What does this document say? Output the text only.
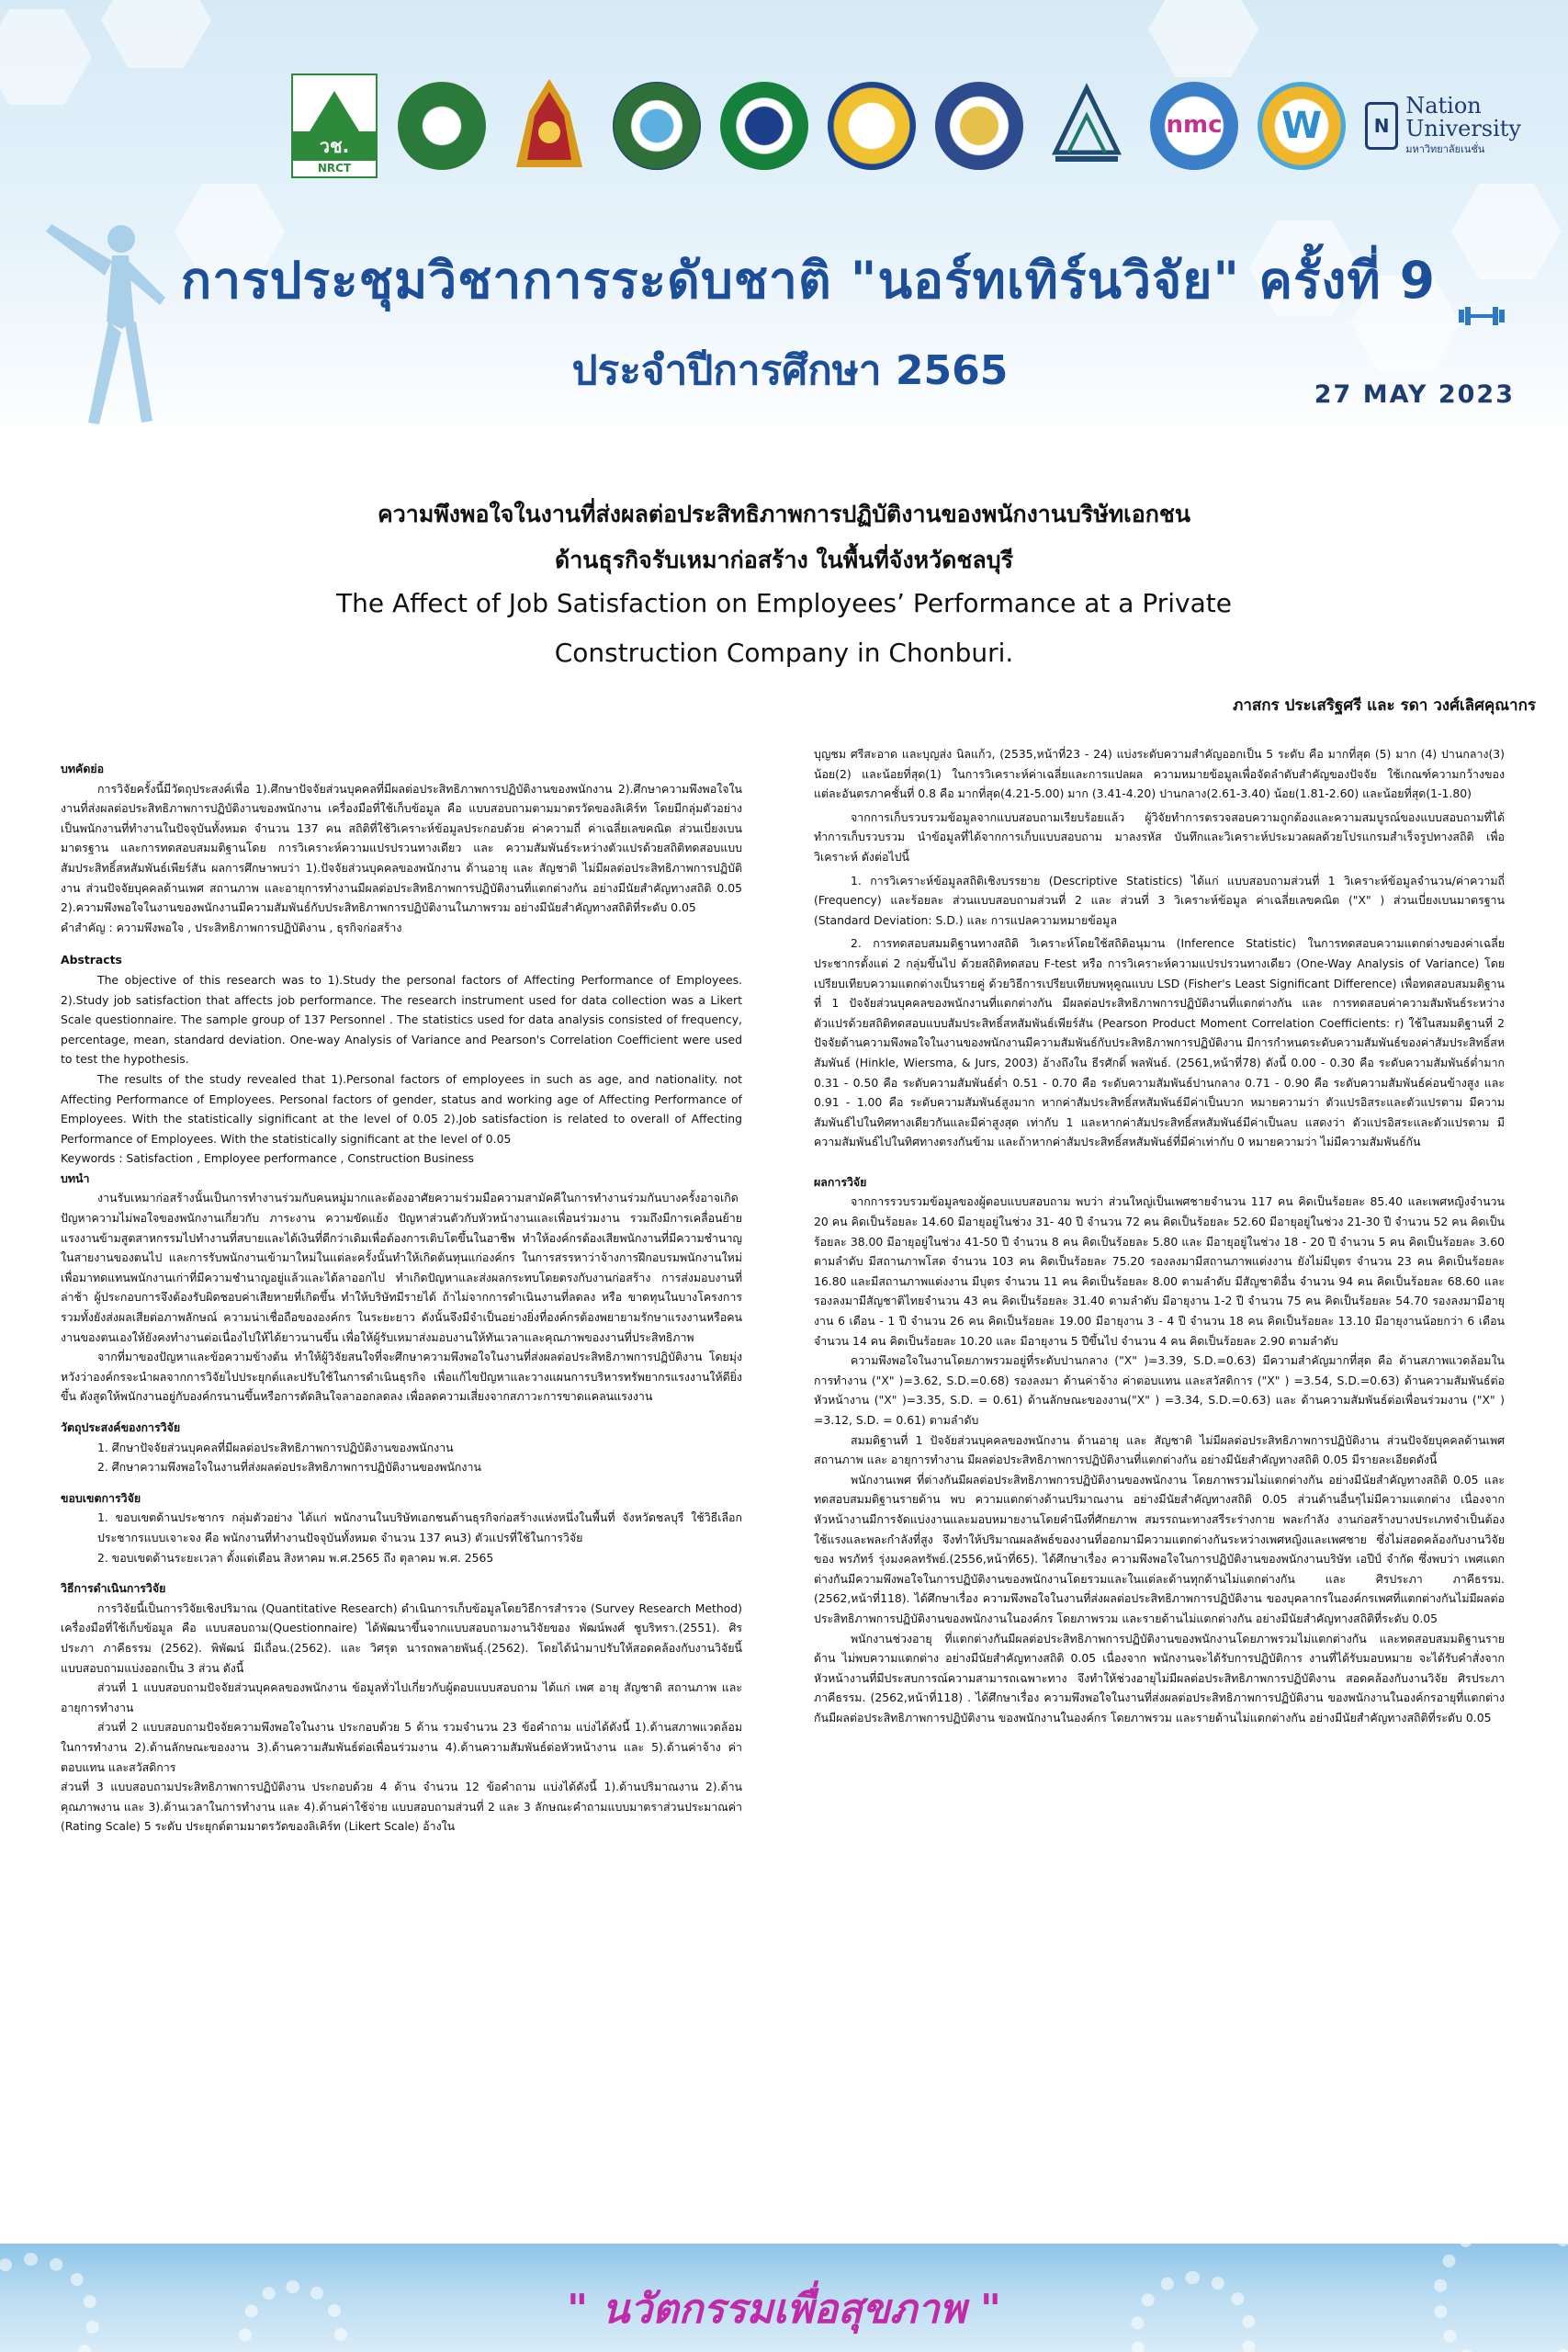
วช.
NRCT
nmc	W	N
Nation
University
มหาวิทยาลัยเนชั่น
การประชุมวิชาการระดับชาติ "นอร์ทเทิร์นวิจัย" ครั้งที่ 9
ประจำปีการศึกษา 2565
27 MAY 2023
ความพึงพอใจในงานที่ส่งผลต่อประสิทธิภาพการปฏิบัติงานของพนักงานบริษัทเอกชน
ด้านธุรกิจรับเหมาก่อสร้าง ในพื้นที่จังหวัดชลบุรี
The Affect of Job Satisfaction on Employees’ Performance at a Private
Construction Company in Chonburi.
ภาสกร ประเสริฐศรี และ รดา วงศ์เลิศคุณากร

บทคัดย่อ

การวิจัยครั้งนี้มีวัตถุประสงค์เพื่อ 1).ศึกษาปัจจัยส่วนบุคคลที่มีผลต่อประสิทธิภาพการปฏิบัติงานของพนักงาน 2).ศึกษาความพึงพอใจในงานที่ส่งผลต่อประสิทธิภาพการปฏิบัติงานของพนักงาน เครื่องมือที่ใช้เก็บข้อมูล คือ แบบสอบถามตามมาตรวัดของลิเคิร์ท โดยมีกลุ่มตัวอย่างเป็นพนักงานที่ทำงานในปัจจุบันทั้งหมด จำนวน 137 คน สถิติที่ใช้วิเคราะห์ข้อมูลประกอบด้วย ค่าความถี่ ค่าเฉลี่ยเลขคณิต ส่วนเบี่ยงเบนมาตรฐาน และการทดสอบสมมติฐานโดย การวิเคราะห์ความแปรปรวนทางเดียว และ ความสัมพันธ์ระหว่างตัวแปรด้วยสถิติทดสอบแบบสัมประสิทธิ์สหสัมพันธ์เพียร์สัน ผลการศึกษาพบว่า 1).ปัจจัยส่วนบุคคลของพนักงาน ด้านอายุ และ สัญชาติ ไม่มีผลต่อประสิทธิภาพการปฏิบัติงาน ส่วนปัจจัยบุคคลด้านเพศ สถานภาพ และอายุการทำงานมีผลต่อประสิทธิภาพการปฏิบัติงานที่แตกต่างกัน อย่างมีนัยสำคัญทางสถิติ 0.05 2).ความพึงพอใจในงานของพนักงานมีความสัมพันธ์กับประสิทธิภาพการปฏิบัติงานในภาพรวม อย่างมีนัยสำคัญทางสถิติที่ระดับ 0.05

คำสำคัญ : ความพึงพอใจ , ประสิทธิภาพการปฏิบัติงาน , ธุรกิจก่อสร้าง

Abstracts

The objective of this research was to 1).Study the personal factors of Affecting Performance of Employees. 2).Study job satisfaction that affects job performance. The research instrument used for data collection was a Likert Scale questionnaire. The sample group of 137 Personnel . The statistics used for data analysis consisted of frequency, percentage, mean, standard deviation. One-way Analysis of Variance and Pearson's Correlation Coefficient were used to test the hypothesis.

The results of the study revealed that 1).Personal factors of employees in such as age, and nationality. not Affecting Performance of Employees. Personal factors of gender, status and working age of Affecting Performance of Employees. With the statistically significant at the level of 0.05 2).Job satisfaction is related to overall of Affecting Performance of Employees. With the statistically significant at the level of 0.05

Keywords : Satisfaction , Employee performance , Construction Business

บทนำ

งานรับเหมาก่อสร้างนั้นเป็นการทำงานร่วมกับคนหมู่มากและต้องอาศัยความร่วมมือความสามัคคีในการทำงานร่วมกันบางครั้งอาจเกิดปัญหาความไม่พอใจของพนักงานเกี่ยวกับ ภาระงาน ความขัดแย้ง ปัญหาส่วนตัวกับหัวหน้างานและเพื่อนร่วมงาน รวมถึงมีการเคลื่อนย้ายแรงงานข้ามสูตสาหกรรมไปทำงานที่สบายและได้เงินที่ดีกว่าเดิมเพื่อต้องการเติบโตขึ้นในอาชีพ ทำให้องค์กรต้องเสียพนักงานที่มีความชำนาญในสายงานของตนไป และการรับพนักงานเข้ามาใหม่ในแต่ละครั้งนั้นทำให้เกิดต้นทุนแก่องค์กร ในการสรรหาว่าจ้างการฝึกอบรมพนักงานใหม่เพื่อมาทดแทนพนักงานเก่าที่มีความชำนาญอยู่แล้วและได้ลาออกไป ทำเกิดปัญหาและส่งผลกระทบโดยตรงกับงานก่อสร้าง การส่งมอบงานที่ล่าช้า ผู้ประกอบการจึงต้องรับผิดชอบค่าเสียหายที่เกิดขึ้น ทำให้บริษัทมีรายได้ ถ้าไม่จากการดำเนินงานที่ลดลง หรือ ขาดทุนในบางโครงการ รวมทั้งยังส่งผลเสียต่อภาพลักษณ์ ความน่าเชื่อถือขององค์กร ในระยะยาว ดังนั้นจึงมีจำเป็นอย่างยิ่งที่องค์กรต้องพยายามรักษาแรงงานหรือคนงานของตนเองให้ยังคงทำงานต่อเนื่องไปให้ได้ยาวนานขึ้น เพื่อให้ผู้รับเหมาส่งมอบงานให้ทันเวลาและคุณภาพของงานที่ประสิทธิภาพ

จากที่มาของปัญหาและข้อความข้างต้น ทำให้ผู้วิจัยสนใจที่จะศึกษาความพึงพอใจในงานที่ส่งผลต่อประสิทธิภาพการปฏิบัติงาน โดยมุ่งหวังว่าองค์กรจะนำผลจากการวิจัยไปประยุกต์และปรับใช้ในการดำเนินธุรกิจ เพื่อแก้ไขปัญหาและวางแผนการบริหารทรัพยากรแรงงานให้ดียิ่งขึ้น ดังสูดให้พนักงานอยู่กับองค์กรนานขึ้นหรือการตัดสินใจลาออกลดลง เพื่อลดความเสี่ยงจากสภาวะการขาดแคลนแรงงาน

วัตถุประสงค์ของการวิจัย

1. ศึกษาปัจจัยส่วนบุคคลที่มีผลต่อประสิทธิภาพการปฏิบัติงานของพนักงาน

2. ศึกษาความพึงพอใจในงานที่ส่งผลต่อประสิทธิภาพการปฏิบัติงานของพนักงาน

ขอบเขตการวิจัย

1. ขอบเขตด้านประชากร กลุ่มตัวอย่าง ได้แก่ พนักงานในบริษัทเอกชนด้านธุรกิจก่อสร้างแห่งหนึ่งในพื้นที่ จังหวัดชลบุรี ใช้วิธีเลือกประชากรแบบเจาะจง คือ พนักงานที่ทำงานปัจจุบันทั้งหมด จำนวน 137 คน3) ตัวแปรที่ใช้ในการวิจัย

2. ขอบเขตด้านระยะเวลา ตั้งแต่เดือน สิงหาคม พ.ศ.2565 ถึง ตุลาคม พ.ศ. 2565

วิธีการดำเนินการวิจัย

การวิจัยนี้เป็นการวิจัยเชิงปริมาณ (Quantitative Research) ดำเนินการเก็บข้อมูลโดยวิธีการสำรวจ (Survey Research Method) เครื่องมือที่ใช้เก็บข้อมูล คือ แบบสอบถาม(Questionnaire) ได้พัฒนาขึ้นจากแบบสอบถามงานวิจัยของ พัฒน์พงศ์ ชูบริทรา.(2551). ศิรประภา ภาคีธรรม (2562). พิพัฒน์ มีเถื่อน.(2562). และ วิศรุต นารถพลายพันธุ์.(2562). โดยได้นำมาปรับให้สอดคล้องกับงานวิจัยนี้ แบบสอบถามแบ่งออกเป็น 3 ส่วน ดังนี้

ส่วนที่ 1 แบบสอบถามปัจจัยส่วนบุคคลของพนักงาน ข้อมูลทั่วไปเกี่ยวกับผู้ตอบแบบสอบถาม ได้แก่ เพศ อายุ สัญชาติ สถานภาพ และ อายุการทำงาน

ส่วนที่ 2 แบบสอบถามปัจจัยความพึงพอใจในงาน ประกอบด้วย 5 ด้าน รวมจำนวน 23 ข้อคำถาม แบ่งได้ดังนี้ 1).ด้านสภาพแวดล้อมในการทำงาน 2).ด้านลักษณะของงาน 3).ด้านความสัมพันธ์ต่อเพื่อนร่วมงาน 4).ด้านความสัมพันธ์ต่อหัวหน้างาน และ 5).ด้านค่าจ้าง ค่าตอบแทน และสวัสดิการ

ส่วนที่ 3 แบบสอบถามประสิทธิภาพการปฏิบัติงาน ประกอบด้วย 4 ด้าน จำนวน 12 ข้อคำถาม แบ่งได้ดังนี้ 1).ด้านปริมาณงาน 2).ด้านคุณภาพงาน และ 3).ด้านเวลาในการทำงาน และ 4).ด้านค่าใช้จ่าย แบบสอบถามส่วนที่ 2 และ 3 ลักษณะคำถามแบบมาตราส่วนประมาณค่า (Rating Scale) 5 ระดับ ประยุกต์ตามมาตรวัดของลิเคิร์ท (Likert Scale) อ้างใน

บุญชม ศรีสะอาด และบุญส่ง นิลแก้ว, (2535,หน้าที่23 - 24) แบ่งระดับความสำคัญออกเป็น 5 ระดับ คือ มากที่สุด (5) มาก (4) ปานกลาง(3) น้อย(2) และน้อยที่สุด(1) ในการวิเคราะห์ค่าเฉลี่ยและการแปลผล ความหมายข้อมูลเพื่อจัดลำดับสำคัญของปัจจัย ใช้เกณฑ์ความกว้างของแต่ละอันตรภาคชั้นที่ 0.8 คือ มากที่สุด(4.21-5.00) มาก (3.41-4.20) ปานกลาง(2.61-3.40) น้อย(1.81-2.60) และน้อยที่สุด(1-1.80)

จากการเก็บรวบรวมข้อมูลจากแบบสอบถามเรียบร้อยแล้ว ผู้วิจัยทำการตรวจสอบความถูกต้องและความสมบูรณ์ของแบบสอบถามที่ได้ทำการเก็บรวบรวม นำข้อมูลที่ได้จากการเก็บแบบสอบถาม มาลงรหัส บันทึกและวิเคราะห์ประมวลผลด้วยโปรแกรมสำเร็จรูปทางสถิติ เพื่อวิเคราะห์ ดังต่อไปนี้

1. การวิเคราะห์ข้อมูลสถิติเชิงบรรยาย (Descriptive Statistics) ได้แก่ แบบสอบถามส่วนที่ 1 วิเคราะห์ข้อมูลจำนวน/ค่าความถี่ (Frequency) และร้อยละ ส่วนแบบสอบถามส่วนที่ 2 และ ส่วนที่ 3 วิเคราะห์ข้อมูล ค่าเฉลี่ยเลขคณิต ("X" ) ส่วนเบี่ยงเบนมาตรฐาน (Standard Deviation: S.D.) และ การแปลความหมายข้อมูล

2. การทดสอบสมมติฐานทางสถิติ วิเคราะห์โดยใช้สถิติอนุมาน (Inference Statistic) ในการทดสอบความแตกต่างของค่าเฉลี่ยประชากรตั้งแต่ 2 กลุ่มขึ้นไป ด้วยสถิติทดสอบ F-test หรือ การวิเคราะห์ความแปรปรวนทางเดียว (One-Way Analysis of Variance) โดยเปรียบเทียบความแตกต่างเป็นรายคู่ ด้วยวิธีการเปรียบเทียบพหุคูณแบบ LSD (Fisher's Least Significant Difference) เพื่อทดสอบสมมติฐานที่ 1 ปัจจัยส่วนบุคคลของพนักงานที่แตกต่างกัน มีผลต่อประสิทธิภาพการปฏิบัติงานที่แตกต่างกัน และ การทดสอบค่าความสัมพันธ์ระหว่างตัวแปรด้วยสถิติทดสอบแบบสัมประสิทธิ์สหสัมพันธ์เพียร์สัน (Pearson Product Moment Correlation Coefficients: r) ใช้ในสมมติฐานที่ 2 ปัจจัยด้านความพึงพอใจในงานของพนักงานมีความสัมพันธ์กับประสิทธิภาพการปฏิบัติงาน มีการกำหนดระดับความสัมพันธ์ของค่าสัมประสิทธิ์สหสัมพันธ์ (Hinkle, Wiersma, & Jurs, 2003) อ้างถึงใน ธีรศักดิ์ พลพันธ์. (2561,หน้าที่78) ดังนี้ 0.00 - 0.30 คือ ระดับความสัมพันธ์ต่ำมาก 0.31 - 0.50 คือ ระดับความสัมพันธ์ต่ำ 0.51 - 0.70 คือ ระดับความสัมพันธ์ปานกลาง 0.71 - 0.90 คือ ระดับความสัมพันธ์ค่อนข้างสูง และ 0.91 - 1.00 คือ ระดับความสัมพันธ์สูงมาก หากค่าสัมประสิทธิ์สหสัมพันธ์มีค่าเป็นบวก หมายความว่า ตัวแปรอิสระและตัวแปรตาม มีความสัมพันธ์ไปในทิศทางเดียวกันและมีค่าสูงสุด เท่ากับ 1 และหากค่าสัมประสิทธิ์สหสัมพันธ์มีค่าเป็นลบ แสดงว่า ตัวแปรอิสระและตัวแปรตาม มีความสัมพันธ์ไปในทิศทางตรงกันข้าม และถ้าหากค่าสัมประสิทธิ์สหสัมพันธ์ที่มีค่าเท่ากับ 0 หมายความว่า ไม่มีความสัมพันธ์กัน

ผลการวิจัย

จากการรวบรวมข้อมูลของผู้ตอบแบบสอบถาม พบว่า ส่วนใหญ่เป็นเพศชายจำนวน 117 คน คิดเป็นร้อยละ 85.40 และเพศหญิงจำนวน 20 คน คิดเป็นร้อยละ 14.60 มีอายุอยู่ในช่วง 31- 40 ปี จำนวน 72 คน คิดเป็นร้อยละ 52.60 มีอายุอยู่ในช่วง 21-30 ปี จำนวน 52 คน คิดเป็นร้อยละ 38.00 มีอายุอยู่ในช่วง 41-50 ปี จำนวน 8 คน คิดเป็นร้อยละ 5.80 และ มีอายุอยู่ในช่วง 18 - 20 ปี จำนวน 5 คน คิดเป็นร้อยละ 3.60 ตามลำดับ มีสถานภาพโสด จำนวน 103 คน คิดเป็นร้อยละ 75.20 รองลงมามีสถานภาพแต่งงาน ยังไม่มีบุตร จำนวน 23 คน คิดเป็นร้อยละ 16.80 และมีสถานภาพแต่งงาน มีบุตร จำนวน 11 คน คิดเป็นร้อยละ 8.00 ตามลำดับ มีสัญชาติอื่น จำนวน 94 คน คิดเป็นร้อยละ 68.60 และรองลงมามีสัญชาติไทยจำนวน 43 คน คิดเป็นร้อยละ 31.40 ตามลำดับ มีอายุงาน 1-2 ปี จำนวน 75 คน คิดเป็นร้อยละ 54.70 รองลงมามีอายุงาน 6 เดือน - 1 ปี จำนวน 26 คน คิดเป็นร้อยละ 19.00 มีอายุงาน 3 - 4 ปี จำนวน 18 คน คิดเป็นร้อยละ 13.10 มีอายุงานน้อยกว่า 6 เดือน จำนวน 14 คน คิดเป็นร้อยละ 10.20 และ มีอายุงาน 5 ปีขึ้นไป จำนวน 4 คน คิดเป็นร้อยละ 2.90 ตามลำดับ

ความพึงพอใจในงานโดยภาพรวมอยู่ที่ระดับปานกลาง ("X" )=3.39, S.D.=0.63) มีความสำคัญมากที่สุด คือ ด้านสภาพแวดล้อมในการทำงาน ("X" )=3.62, S.D.=0.68) รองลงมา ด้านค่าจ้าง ค่าตอบแทน และสวัสดิการ ("X" ) =3.54, S.D.=0.63) ด้านความสัมพันธ์ต่อหัวหน้างาน ("X" )=3.35, S.D. = 0.61) ด้านลักษณะของงาน("X" ) =3.34, S.D.=0.63) และ ด้านความสัมพันธ์ต่อเพื่อนร่วมงาน ("X" ) =3.12, S.D. = 0.61) ตามลำดับ

สมมติฐานที่ 1 ปัจจัยส่วนบุคคลของพนักงาน ด้านอายุ และ สัญชาติ ไม่มีผลต่อประสิทธิภาพการปฏิบัติงาน ส่วนปัจจัยบุคคลด้านเพศ สถานภาพ และ อายุการทำงาน มีผลต่อประสิทธิภาพการปฏิบัติงานที่แตกต่างกัน อย่างมีนัยสำคัญทางสถิติ 0.05 มีรายละเอียดดังนี้

พนักงานเพศ ที่ต่างกันมีผลต่อประสิทธิภาพการปฏิบัติงานของพนักงาน โดยภาพรวมไม่แตกต่างกัน อย่างมีนัยสำคัญทางสถิติ 0.05 และทดสอบสมมติฐานรายด้าน พบ ความแตกต่างด้านปริมาณงาน อย่างมีนัยสำคัญทางสถิติ 0.05 ส่วนด้านอื่นๆไม่มีความแตกต่าง เนื่องจาก หัวหน้างานมีการจัดแบ่งงานและมอบหมายงานโดยคำนึงที่ศักยภาพ สมรรถนะทางสรีระร่างกาย พละกำลัง งานก่อสร้างบางประเภทจำเป็นต้องใช้แรงและพละกำลังที่สูง จึงทำให้ปริมาณผลลัพธ์ของงานที่ออกมามีความแตกต่างกันระหว่างเพศหญิงและเพศชาย ซึ่งไม่สอดคล้องกับงานวิจัยของ พรภัทร์ รุ่งมงคลทรัพย์.(2556,หน้าที่65). ได้ศึกษาเรื่อง ความพึงพอใจในการปฏิบัติงานของพนักงานบริษัท เอปีป์ จำกัด ซึ่งพบว่า เพศแตกต่างกันมีความพึงพอใจในการปฏิบัติงานของพนักงานโดยรวมและในแต่ละด้านทุกด้านไม่แตกต่างกัน และ ศิรประภา ภาคีธรรม. (2562,หน้าที่118). ได้ศึกษาเรื่อง ความพึงพอใจในงานที่ส่งผลต่อประสิทธิภาพการปฏิบัติงาน ของบุคลากรในองค์กรเพศที่แตกต่างกันไม่มีผลต่อประสิทธิภาพการปฏิบัติงานของพนักงานในองค์กร โดยภาพรวม และรายด้านไม่แตกต่างกัน อย่างมีนัยสำคัญทางสถิติที่ระดับ 0.05

พนักงานช่วงอายุ ที่แตกต่างกันมีผลต่อประสิทธิภาพการปฏิบัติงานของพนักงานโดยภาพรวมไม่แตกต่างกัน และทดสอบสมมติฐานรายด้าน ไม่พบความแตกต่าง อย่างมีนัยสำคัญทางสถิติ 0.05 เนื่องจาก พนักงานจะได้รับการปฏิบัติการ งานที่ได้รับมอบหมาย จะได้รับคำสั่งจากหัวหน้างานที่มีประสบการณ์ความสามารถเฉพาะทาง จึงทำให้ช่วงอายุไม่มีผลต่อประสิทธิภาพการปฏิบัติงาน สอดคล้องกับงานวิจัย ศิรประภา ภาคีธรรม. (2562,หน้าที่118) . ได้ศึกษาเรื่อง ความพึงพอใจในงานที่ส่งผลต่อประสิทธิภาพการปฏิบัติงาน ของพนักงานในองค์กรอายุที่แตกต่างกันมีผลต่อประสิทธิภาพการปฏิบัติงาน ของพนักงานในองค์กร โดยภาพรวม และรายด้านไม่แตกต่างกัน อย่างมีนัยสำคัญทางสถิติที่ระดับ 0.05

" นวัตกรรมเพื่อสุขภาพ "
